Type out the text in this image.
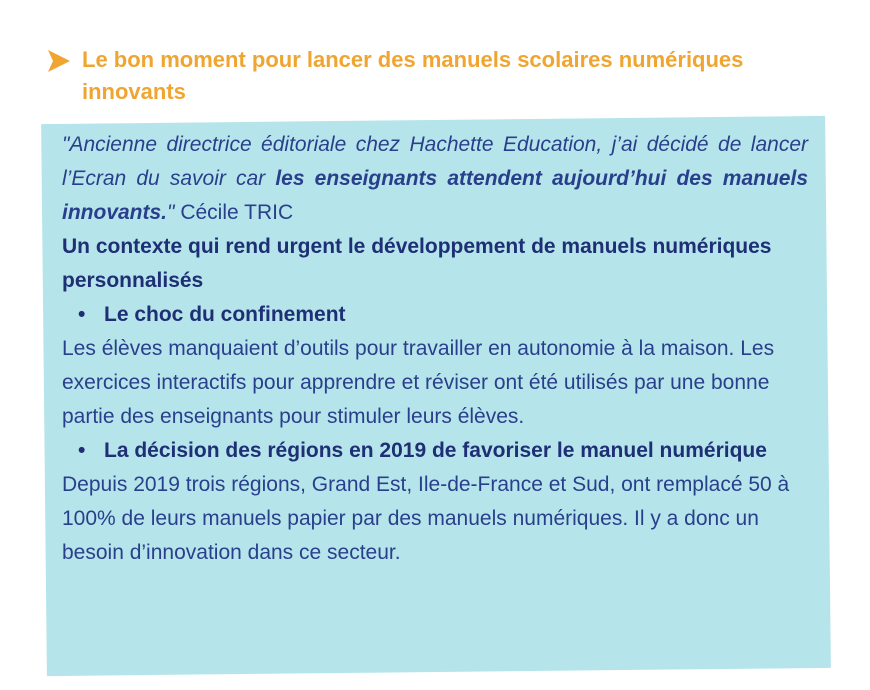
Le bon moment pour lancer des manuels scolaires numériques innovants
"Ancienne directrice éditoriale chez Hachette Education, j’ai décidé de lancer l’Ecran du savoir car les enseignants attendent aujourd’hui des manuels innovants." Cécile TRIC
Un contexte qui rend urgent le développement de manuels numériques personnalisés
• Le choc du confinement
Les élèves manquaient d’outils pour travailler en autonomie à la maison. Les exercices interactifs pour apprendre et réviser ont été utilisés par une bonne partie des enseignants pour stimuler leurs élèves.
• La décision des régions en 2019 de favoriser le manuel numérique
Depuis 2019 trois régions, Grand Est, Ile-de-France et Sud, ont remplacé 50 à 100% de leurs manuels papier par des manuels numériques. Il y a donc un besoin d’innovation dans ce secteur.
